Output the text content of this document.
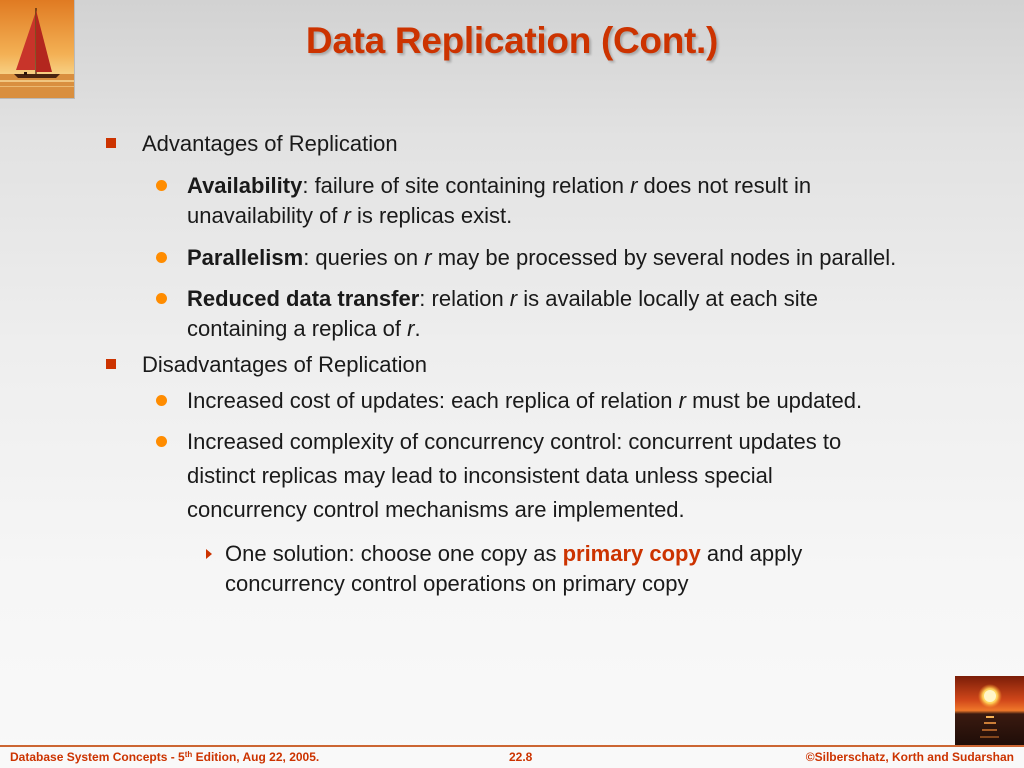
Data Replication (Cont.)
Advantages of Replication
Availability: failure of site containing relation r does not result in
unavailability of r is replicas exist.
Parallelism: queries on r may be processed by several nodes in parallel.
Reduced data transfer: relation r is available locally at each site
containing a replica of r.
Disadvantages of Replication
Increased cost of updates: each replica of relation r must be updated.
Increased complexity of concurrency control: concurrent updates to
distinct replicas may lead to inconsistent data unless special
concurrency control mechanisms are implemented.
One solution: choose one copy as primary copy and apply
concurrency control operations on primary copy
Database System Concepts - 5th Edition, Aug 22, 2005.	22.8	©Silberschatz, Korth and Sudarshan
